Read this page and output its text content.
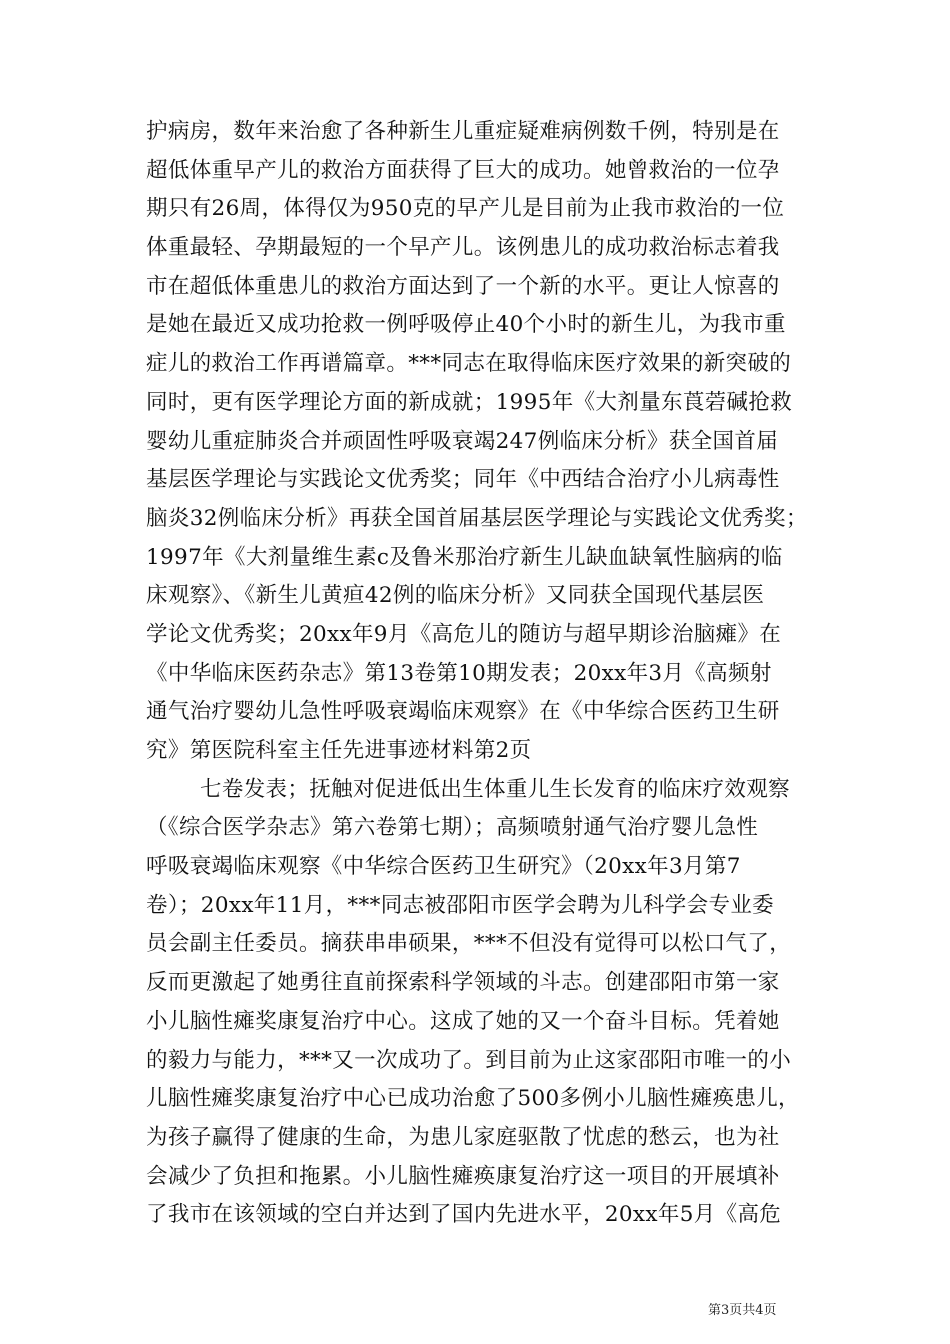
护病房，数年来治愈了各种新生儿重症疑难病例数千例，特别是在
超低体重早产儿的救治方面获得了巨大的成功。她曾救治的一位孕
期只有26周，体得仅为950克的早产儿是目前为止我市救治的一位
体重最轻、孕期最短的一个早产儿。该例患儿的成功救治标志着我
市在超低体重患儿的救治方面达到了一个新的水平。更让人惊喜的
是她在最近又成功抢救一例呼吸停止40个小时的新生儿，为我市重
症儿的救治工作再谱篇章。***同志在取得临床医疗效果的新突破的
同时，更有医学理论方面的新成就；1995年《大剂量东莨菪碱抢救
婴幼儿重症肺炎合并顽固性呼吸衰竭247例临床分析》获全国首届
基层医学理论与实践论文优秀奖；同年《中西结合治疗小儿病毒性
脑炎32例临床分析》再获全国首届基层医学理论与实践论文优秀奖；
1997年《大剂量维生素c及鲁米那治疗新生儿缺血缺氧性脑病的临
床观察》、《新生儿黄疸42例的临床分析》又同获全国现代基层医
学论文优秀奖；20xx年9月《高危儿的随访与超早期诊治脑瘫》在
《中华临床医药杂志》第13卷第10期发表；20xx年3月《高频射
通气治疗婴幼儿急性呼吸衰竭临床观察》在《中华综合医药卫生研
究》第医院科室主任先进事迹材料第2页
七卷发表；抚触对促进低出生体重儿生长发育的临床疗效观察
（《综合医学杂志》第六卷第七期）；高频喷射通气治疗婴儿急性
呼吸衰竭临床观察《中华综合医药卫生研究》（20xx年3月第7
卷）；20xx年11月，***同志被邵阳市医学会聘为儿科学会专业委
员会副主任委员。摘获串串硕果，***不但没有觉得可以松口气了，
反而更激起了她勇往直前探索科学领域的斗志。创建邵阳市第一家
小儿脑性瘫奖康复治疗中心。这成了她的又一个奋斗目标。凭着她
的毅力与能力，***又一次成功了。到目前为止这家邵阳市唯一的小
儿脑性瘫奖康复治疗中心已成功治愈了500多例小儿脑性瘫痪患儿，
为孩子赢得了健康的生命，为患儿家庭驱散了忧虑的愁云，也为社
会减少了负担和拖累。小儿脑性瘫痪康复治疗这一项目的开展填补
了我市在该领域的空白并达到了国内先进水平，20xx年5月《高危
第3页共4页
